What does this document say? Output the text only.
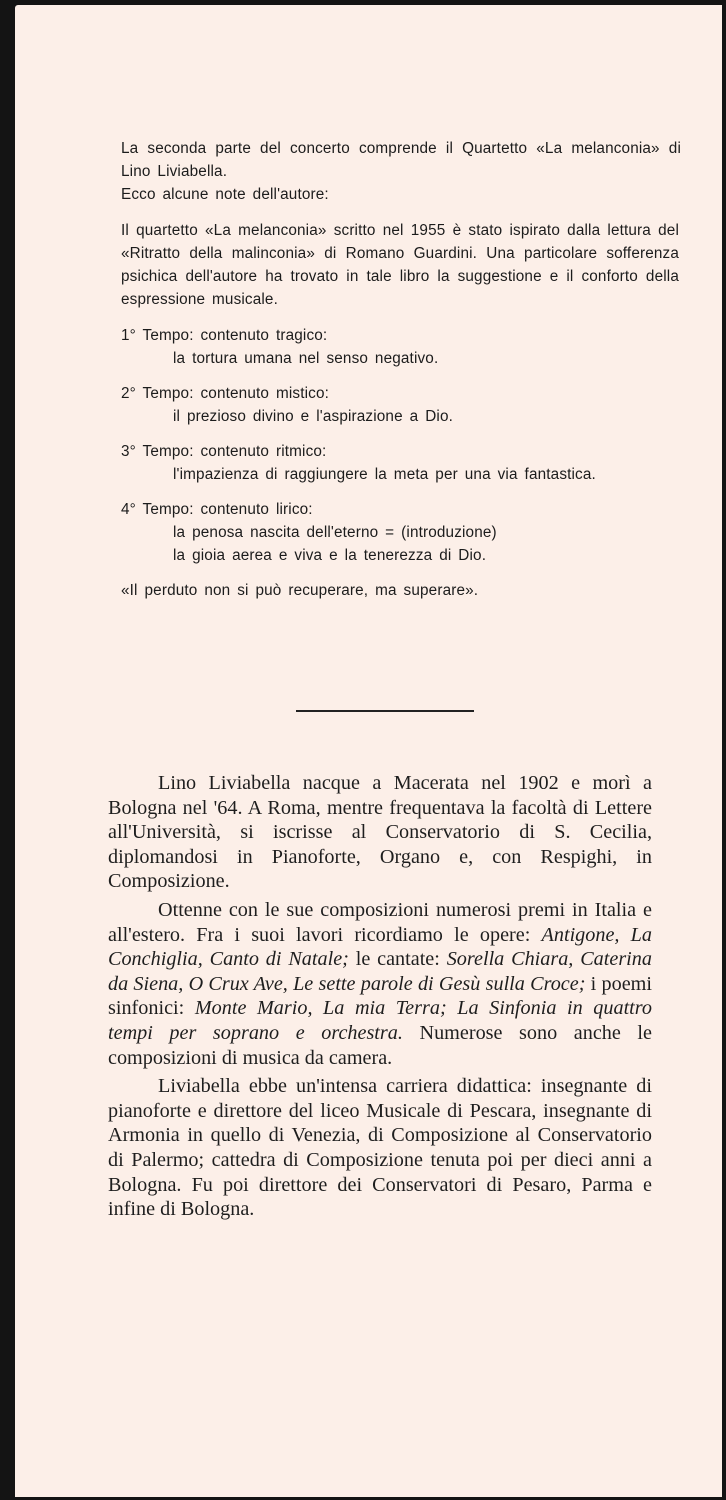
La seconda parte del concerto comprende il Quartetto «La melanconia» di Lino Liviabella.

Ecco alcune note dell'autore:

Il quartetto «La melanconia» scritto nel 1955 è stato ispirato dalla lettura del «Ritratto della malinconia» di Romano Guardini. Una particolare sofferenza psichica dell'autore ha trovato in tale libro la suggestione e il conforto della espressione musicale.

1° Tempo: contenuto tragico:

la tortura umana nel senso negativo.

2° Tempo: contenuto mistico:

il prezioso divino e l'aspirazione a Dio.

3° Tempo: contenuto ritmico:

l'impazienza di raggiungere la meta per una via fantastica.

4° Tempo: contenuto lirico:

la penosa nascita dell'eterno = (introduzione)

la gioia aerea e viva e la tenerezza di Dio.

«Il perduto non si può recuperare, ma superare».

Lino Liviabella nacque a Macerata nel 1902 e morì a Bologna nel '64. A Roma, mentre frequentava la facoltà di Lettere all'Università, si iscrisse al Conservatorio di S. Cecilia, diplomandosi in Pianoforte, Organo e, con Respighi, in Composizione.

Ottenne con le sue composizioni numerosi premi in Italia e all'estero. Fra i suoi lavori ricordiamo le opere: Antigone, La Conchiglia, Canto di Natale; le cantate: Sorella Chiara, Caterina da Siena, O Crux Ave, Le sette parole di Gesù sulla Croce; i poemi sinfonici: Monte Mario, La mia Terra; La Sinfonia in quattro tempi per soprano e orchestra. Numerose sono anche le composizioni di musica da camera.

Liviabella ebbe un'intensa carriera didattica: insegnante di pianoforte e direttore del liceo Musicale di Pescara, insegnante di Armonia in quello di Venezia, di Composizione al Conservatorio di Palermo; cattedra di Composizione tenuta poi per dieci anni a Bologna. Fu poi direttore dei Conservatori di Pesaro, Parma e infine di Bologna.
